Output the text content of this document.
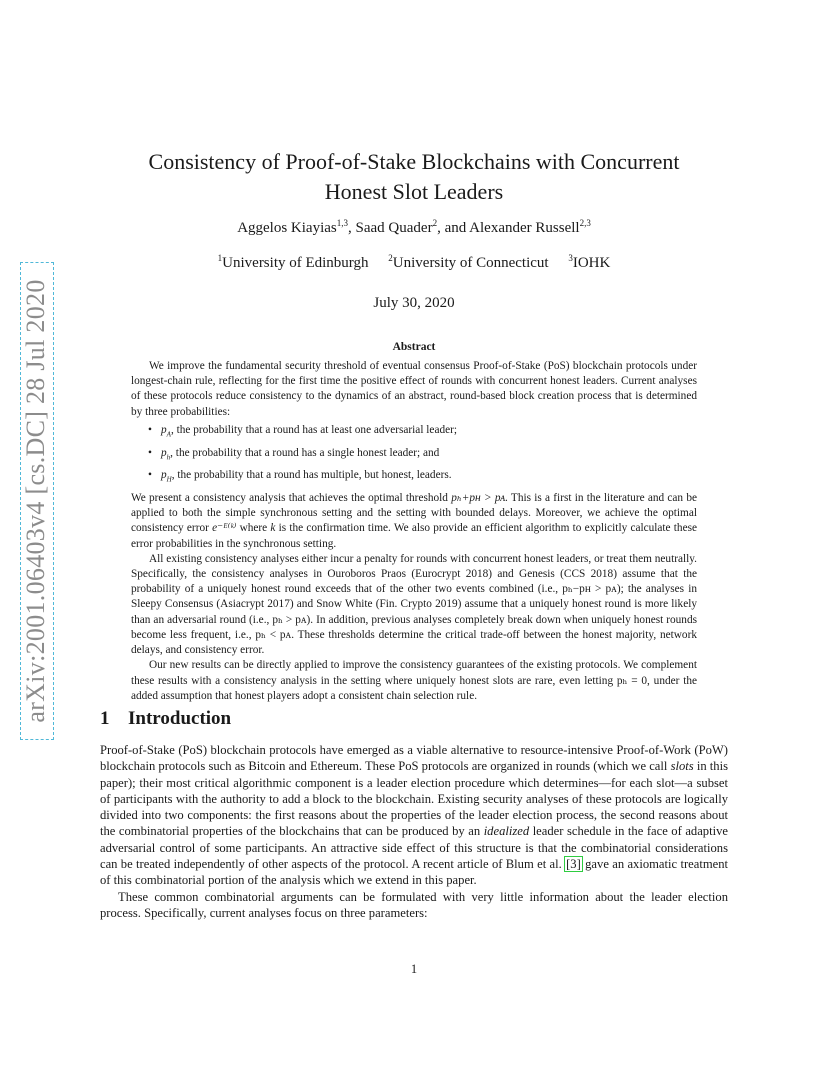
arXiv:2001.06403v4 [cs.DC] 28 Jul 2020
Consistency of Proof-of-Stake Blockchains with Concurrent
Honest Slot Leaders
Aggelos Kiayias$^{1,3}$, Saad Quader$^2$, and Alexander Russell$^{2,3}$
$^1$University of Edinburgh $^2$University of Connecticut $^3$IOHK
July 30, 2020
Abstract

We improve the fundamental security threshold of eventual consensus Proof-of-Stake (PoS) blockchain protocols under longest-chain rule, reflecting for the first time the positive effect of rounds with concurrent honest leaders. Current analyses of these protocols reduce consistency to the dynamics of an abstract, round-based block creation process that is determined by three probabilities:

• $p_A$, the probability that a round has at least one adversarial leader;
• $p_h$, the probability that a round has a single honest leader; and
• $p_H$, the probability that a round has multiple, but honest, leaders.

We present a consistency analysis that achieves the optimal threshold pₕ+pʜ > pᴀ. This is a first in the literature and can be applied to both the simple synchronous setting and the setting with bounded delays. Moreover, we achieve the optimal consistency error e⁻ᴱ⁽ᵏ⁾ where k is the confirmation time. We also provide an efficient algorithm to explicitly calculate these error probabilities in the synchronous setting.

All existing consistency analyses either incur a penalty for rounds with concurrent honest leaders, or treat them neutrally. Specifically, the consistency analyses in Ouroboros Praos (Eurocrypt 2018) and Genesis (CCS 2018) assume that the probability of a uniquely honest round exceeds that of the other two events combined (i.e., pₕ−pʜ > pᴀ); the analyses in Sleepy Consensus (Asiacrypt 2017) and Snow White (Fin. Crypto 2019) assume that a uniquely honest round is more likely than an adversarial round (i.e., pₕ > pᴀ). In addition, previous analyses completely break down when uniquely honest rounds become less frequent, i.e., pₕ < pᴀ. These thresholds determine the critical trade-off between the honest majority, network delays, and consistency error.

Our new results can be directly applied to improve the consistency guarantees of the existing protocols. We complement these results with a consistency analysis in the setting where uniquely honest slots are rare, even letting pₕ = 0, under the added assumption that honest players adopt a consistent chain selection rule.

1 Introduction

Proof-of-Stake (PoS) blockchain protocols have emerged as a viable alternative to resource-intensive Proof-of-Work (PoW) blockchain protocols such as Bitcoin and Ethereum. These PoS protocols are organized in rounds (which we call slots in this paper); their most critical algorithmic component is a leader election procedure which determines—for each slot—a subset of participants with the authority to add a block to the blockchain. Existing security analyses of these protocols are logically divided into two components: the first reasons about the properties of the leader election process, the second reasons about the combinatorial properties of the blockchains that can be produced by an idealized leader schedule in the face of adaptive adversarial control of some participants. An attractive side effect of this structure is that the combinatorial considerations can be treated independently of other aspects of the protocol. A recent article of Blum et al. [3] gave an axiomatic treatment of this combinatorial portion of the analysis which we extend in this paper.

These common combinatorial arguments can be formulated with very little information about the leader election process. Specifically, current analyses focus on three parameters:

1
